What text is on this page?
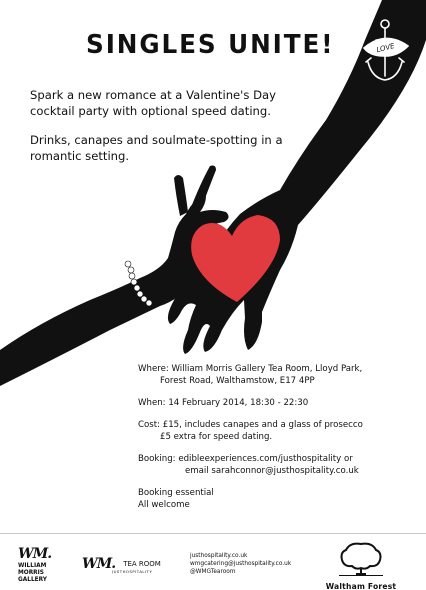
LOVE
SINGLES UNITE!

Spark a new romance at a Valentine's Day cocktail party with optional speed dating.

Drinks, canapes and soulmate-spotting in a romantic setting.

Where: William Morris Gallery Tea Room, Lloyd Park,
Forest Road, Walthamstow, E17 4PP
When: 14 February 2014, 18:30 - 22:30
Cost: £15, includes canapes and a glass of prosecco
£5 extra for speed dating.
Booking: edibleexperiences.com/justhospitality or
email sarahconnor@justhospitality.co.uk
Booking essential
All welcome
WM.
WILLIAM
MORRIS
GALLERY
WM. TEA ROOM
JUSTHOSPITALITY
justhospitality.co.uk
wmgcatering@justhospitality.co.uk
@WMGTearoom
Waltham Forest
